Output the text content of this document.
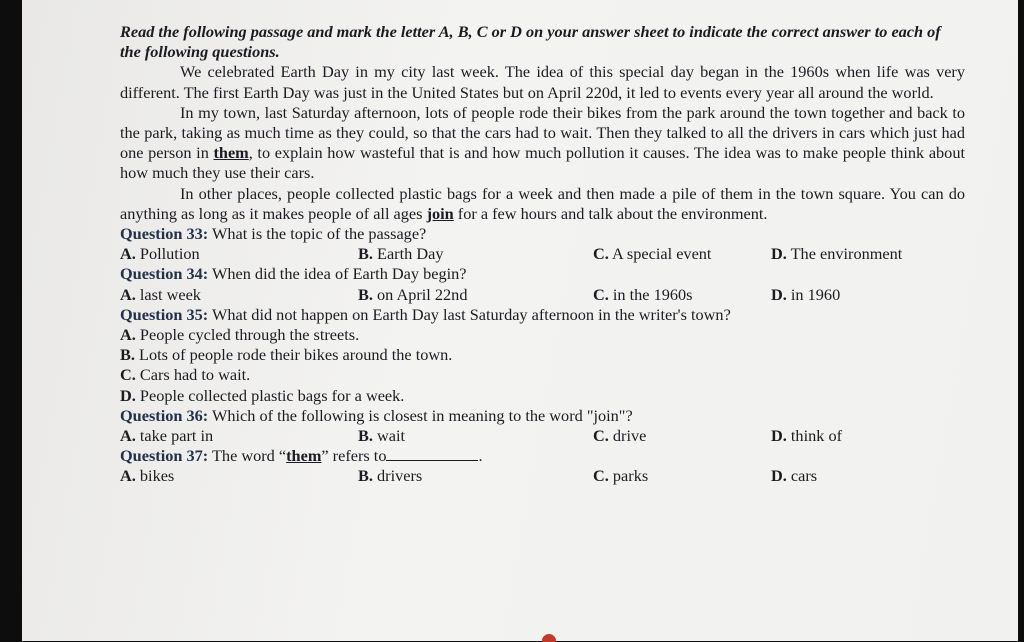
Read the following passage and mark the letter A, B, C or D on your answer sheet to indicate the correct answer to each of the following questions.

We celebrated Earth Day in my city last week. The idea of this special day began in the 1960s when life was very different. The first Earth Day was just in the United States but on April 220d, it led to events every year all around the world.

In my town, last Saturday afternoon, lots of people rode their bikes from the park around the town together and back to the park, taking as much time as they could, so that the cars had to wait. Then they talked to all the drivers in cars which just had one person in them, to explain how wasteful that is and how much pollution it causes. The idea was to make people think about how much they use their cars.

In other places, people collected plastic bags for a week and then made a pile of them in the town square. You can do anything as long as it makes people of all ages join for a few hours and talk about the environment.

Question 33: What is the topic of the passage?

A. Pollution	B. Earth Day	C. A special event	D. The environment

Question 34: When did the idea of Earth Day begin?

A. last week	B. on April 22nd	C. in the 1960s	D. in 1960

Question 35: What did not happen on Earth Day last Saturday afternoon in the writer's town?

A. People cycled through the streets.

B. Lots of people rode their bikes around the town.

C. Cars had to wait.

D. People collected plastic bags for a week.

Question 36: Which of the following is closest in meaning to the word "join"?

A. take part in	B. wait	C. drive	D. think of

Question 37: The word “them” refers to	.

A. bikes	B. drivers	C. parks	D. cars
